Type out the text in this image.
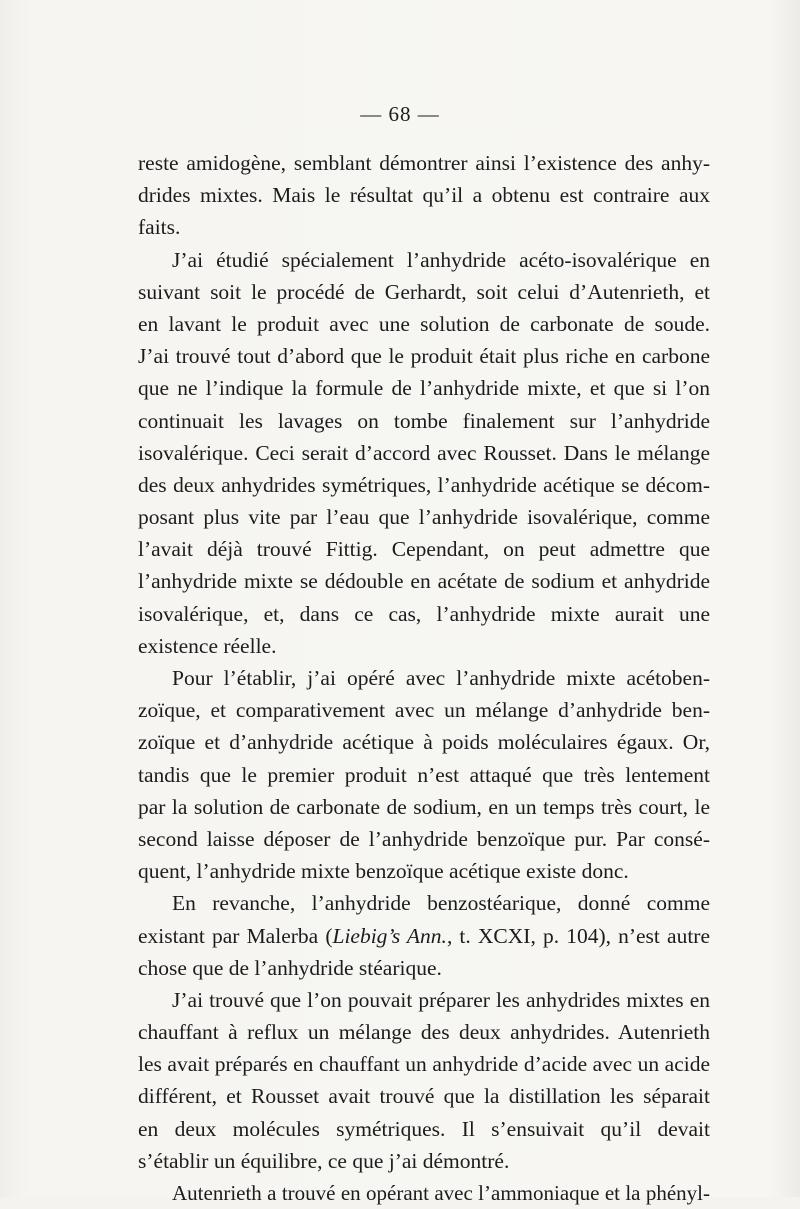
— 68 —
reste amidogène, semblant démontrer ainsi l’existence des anhy-
drides mixtes. Mais le résultat qu’il a obtenu est contraire aux
faits.
J’ai étudié spécialement l’anhydride acéto-isovalérique en
suivant soit le procédé de Gerhardt, soit celui d’Autenrieth, et
en lavant le produit avec une solution de carbonate de soude.
J’ai trouvé tout d’abord que le produit était plus riche en carbone
que ne l’indique la formule de l’anhydride mixte, et que si l’on
continuait les lavages on tombe finalement sur l’anhydride
isovalérique. Ceci serait d’accord avec Rousset. Dans le mélange
des deux anhydrides symétriques, l’anhydride acétique se décom-
posant plus vite par l’eau que l’anhydride isovalérique, comme
l’avait déjà trouvé Fittig. Cependant, on peut admettre que
l’anhydride mixte se dédouble en acétate de sodium et anhydride
isovalérique, et, dans ce cas, l’anhydride mixte aurait une
existence réelle.
Pour l’établir, j’ai opéré avec l’anhydride mixte acétoben-
zoïque, et comparativement avec un mélange d’anhydride ben-
zoïque et d’anhydride acétique à poids moléculaires égaux. Or,
tandis que le premier produit n’est attaqué que très lentement
par la solution de carbonate de sodium, en un temps très court, le
second laisse déposer de l’anhydride benzoïque pur. Par consé-
quent, l’anhydride mixte benzoïque acétique existe donc.
En revanche, l’anhydride benzostéarique, donné comme
existant par Malerba (Liebig’s Ann., t. XCXI, p. 104), n’est autre
chose que de l’anhydride stéarique.
J’ai trouvé que l’on pouvait préparer les anhydrides mixtes en
chauffant à reflux un mélange des deux anhydrides. Autenrieth
les avait préparés en chauffant un anhydride d’acide avec un acide
différent, et Rousset avait trouvé que la distillation les séparait
en deux molécules symétriques. Il s’ensuivait qu’il devait
s’établir un équilibre, ce que j’ai démontré.
Autenrieth a trouvé en opérant avec l’ammoniaque et la phényl-
